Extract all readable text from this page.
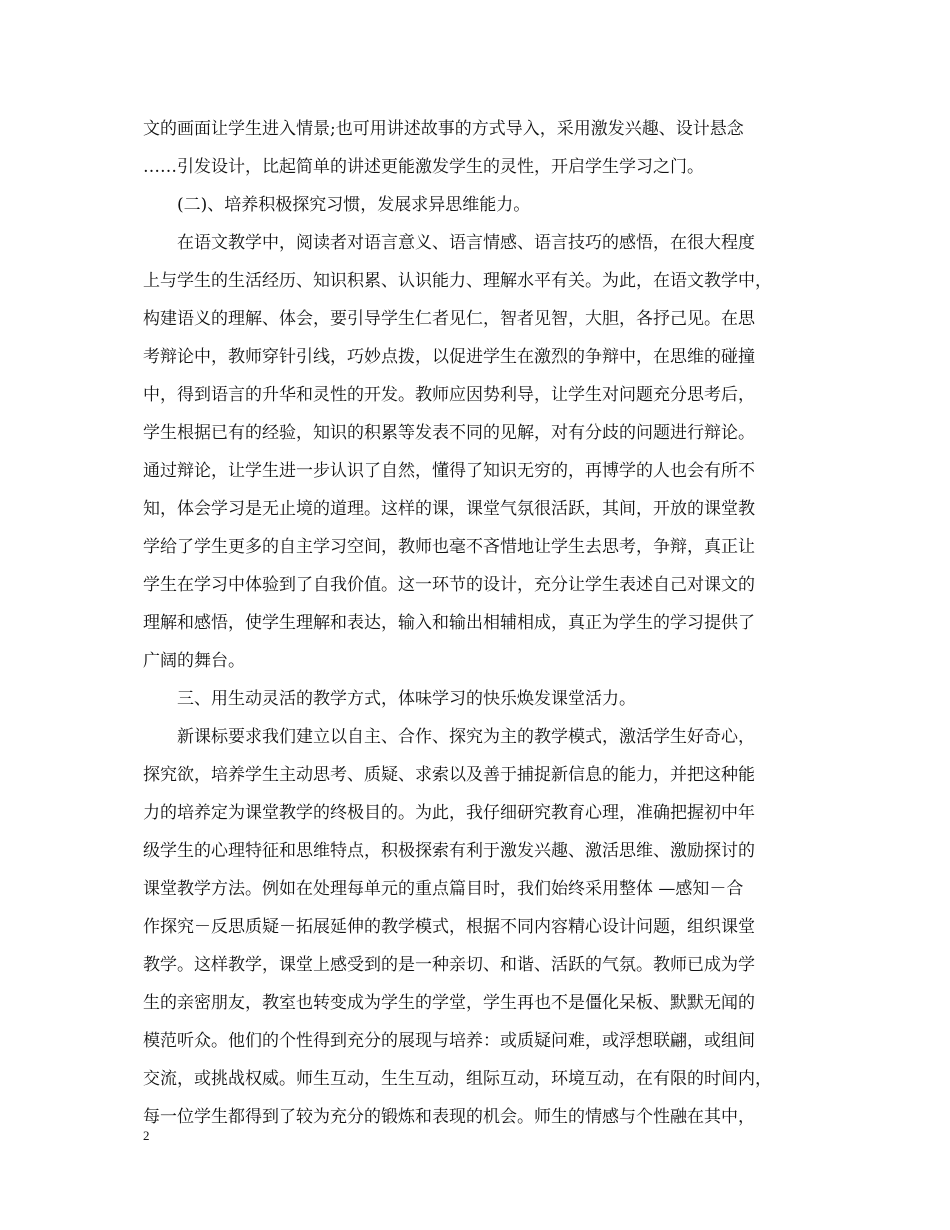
文的画面让学生进入情景;也可用讲述故事的方式导入，采用激发兴趣、设计悬念
……引发设计，比起简单的讲述更能激发学生的灵性，开启学生学习之门。
(二)、培养积极探究习惯，发展求异思维能力。
在语文教学中，阅读者对语言意义、语言情感、语言技巧的感悟，在很大程度
上与学生的生活经历、知识积累、认识能力、理解水平有关。为此，在语文教学中，
构建语义的理解、体会，要引导学生仁者见仁，智者见智，大胆，各抒己见。在思
考辩论中，教师穿针引线，巧妙点拨，以促进学生在激烈的争辩中，在思维的碰撞
中，得到语言的升华和灵性的开发。教师应因势利导，让学生对问题充分思考后，
学生根据已有的经验，知识的积累等发表不同的见解，对有分歧的问题进行辩论。
通过辩论，让学生进一步认识了自然，懂得了知识无穷的，再博学的人也会有所不
知，体会学习是无止境的道理。这样的课，课堂气氛很活跃，其间，开放的课堂教
学给了学生更多的自主学习空间，教师也毫不吝惜地让学生去思考，争辩，真正让
学生在学习中体验到了自我价值。这一环节的设计，充分让学生表述自己对课文的
理解和感悟，使学生理解和表达，输入和输出相辅相成，真正为学生的学习提供了
广阔的舞台。
三、用生动灵活的教学方式，体味学习的快乐焕发课堂活力。
新课标要求我们建立以自主、合作、探究为主的教学模式，激活学生好奇心，
探究欲，培养学生主动思考、质疑、求索以及善于捕捉新信息的能力，并把这种能
力的培养定为课堂教学的终极目的。为此，我仔细研究教育心理，准确把握初中年
级学生的心理特征和思维特点，积极探索有利于激发兴趣、激活思维、激励探讨的
课堂教学方法。例如在处理每单元的重点篇目时，我们始终采用整体 —感知－合
作探究－反思质疑－拓展延伸的教学模式，根据不同内容精心设计问题，组织课堂
教学。这样教学，课堂上感受到的是一种亲切、和谐、活跃的气氛。教师已成为学
生的亲密朋友，教室也转变成为学生的学堂，学生再也不是僵化呆板、默默无闻的
模范听众。他们的个性得到充分的展现与培养：或质疑问难，或浮想联翩，或组间
交流，或挑战权威。师生互动，生生互动，组际互动，环境互动，在有限的时间内，
每一位学生都得到了较为充分的锻炼和表现的机会。师生的情感与个性融在其中，
2
